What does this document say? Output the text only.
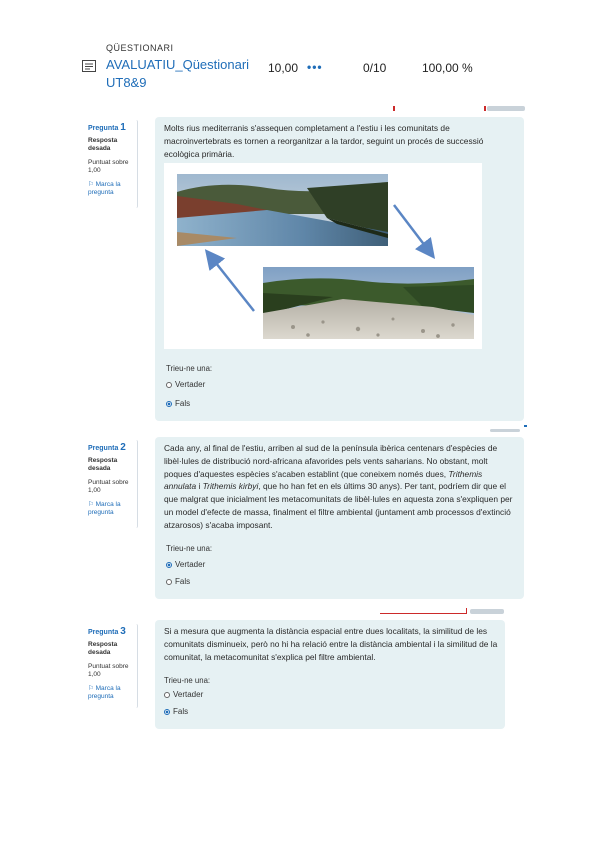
QÜESTIONARI
AVALUATIU_Qüestionari UT8&9
10,00 •••	0/10	100,00 %
Pregunta 1
Resposta desada
Puntuat sobre 1,00
⚐ Marca la pregunta
Molts rius mediterranis s'assequen completament a l'estiu i les comunitats de macroinvertebrats es tornen a reorganitzar a la tardor, seguint un procés de successió ecològica primària.
Trieu-ne una:
Vertader
Fals
Pregunta 2
Resposta desada
Puntuat sobre 1,00
⚐ Marca la pregunta
Cada any, al final de l'estiu, arriben al sud de la península ibèrica centenars d'espècies de libèl·lules de distribució nord-africana afavorides pels vents saharians. No obstant, molt poques d'aquestes espècies s'acaben establint (que coneixem només dues, Trithemis annulata i Trithemis kirbyi, que ho han fet en els últims 30 anys). Per tant, podríem dir que el que malgrat que inicialment les metacomunitats de libèl·lules en aquesta zona s'expliquen per un model d'efecte de massa, finalment el filtre ambiental (juntament amb processos d'extinció atzarosos) s'acaba imposant.
Trieu-ne una:
Vertader
Fals
Pregunta 3
Resposta desada
Puntuat sobre 1,00
⚐ Marca la pregunta
Si a mesura que augmenta la distància espacial entre dues localitats, la similitud de les comunitats disminueix, però no hi ha relació entre la distància ambiental i la similitud de la comunitat, la metacomunitat s'explica pel filtre ambiental.
Trieu-ne una:
Vertader
Fals
